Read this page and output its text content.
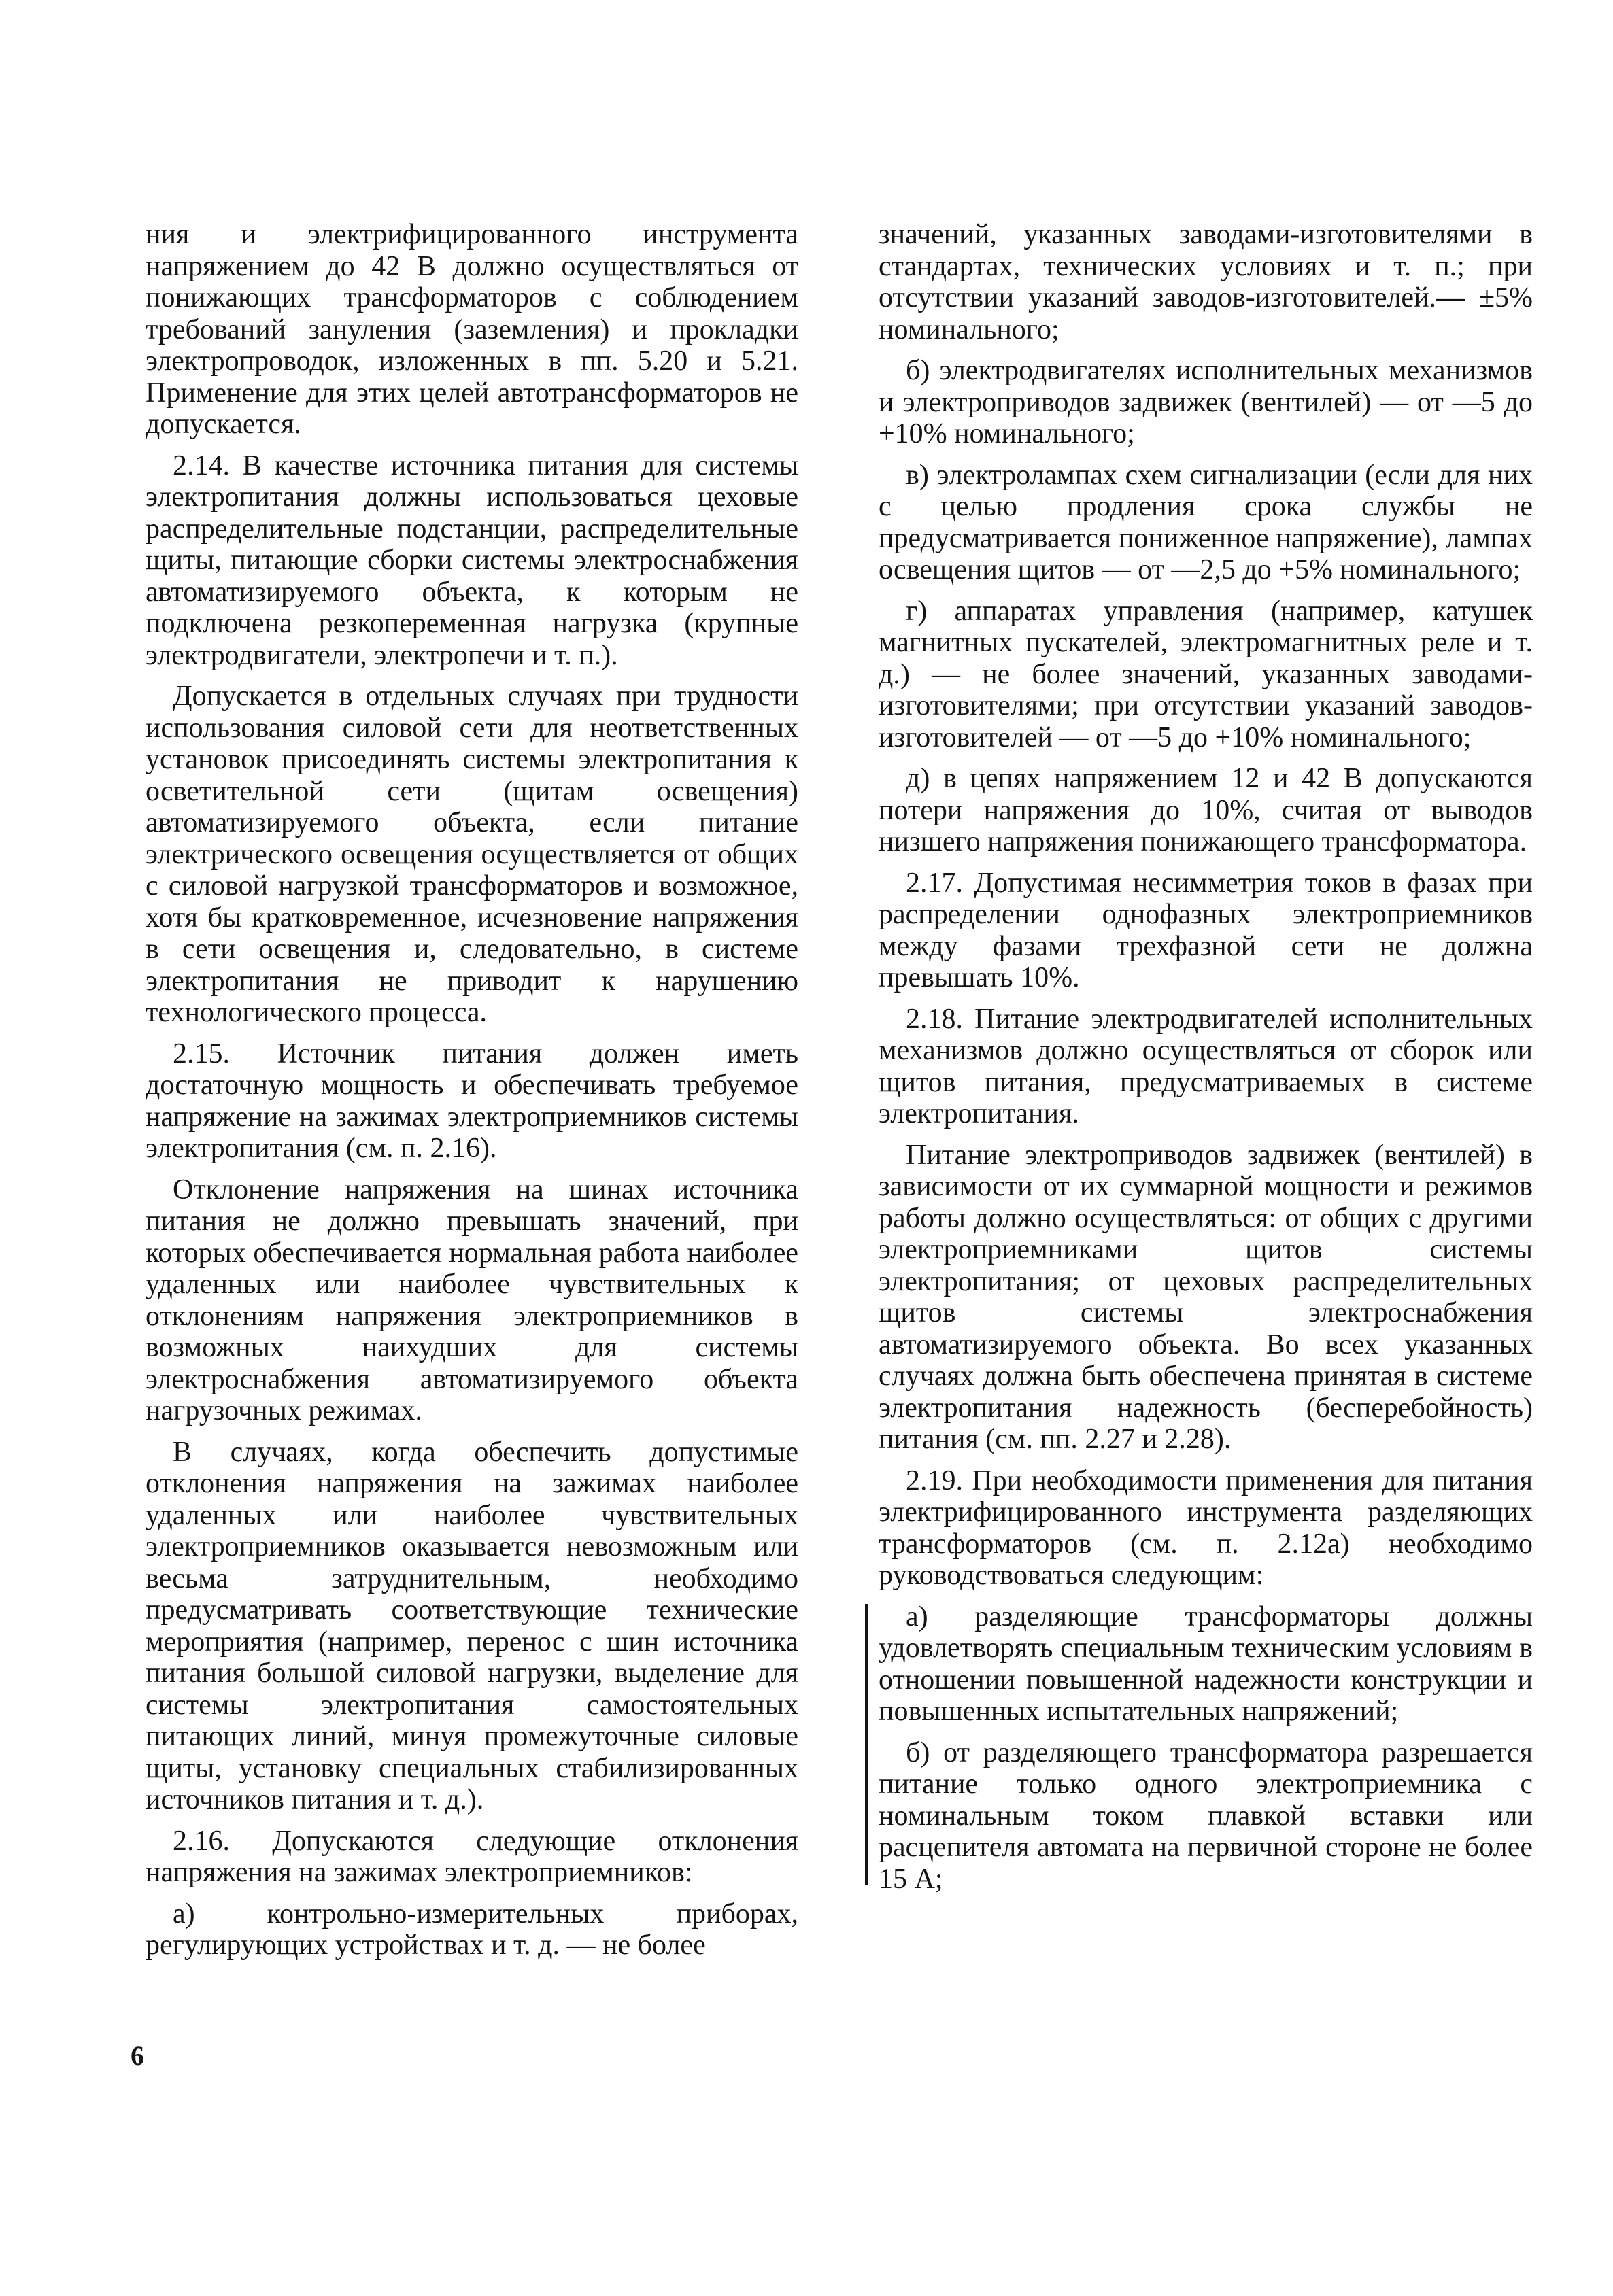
ния и электрифицированного инструмента напряжением до 42 В должно осуществляться от понижающих трансформаторов с соблюдением требований зануления (заземления) и прокладки электропроводок, изложенных в пп. 5.20 и 5.21. Применение для этих целей автотрансформаторов не допускается.

2.14. В качестве источника питания для системы электропитания должны использоваться цеховые распределительные подстанции, распределительные щиты, питающие сборки системы электроснабжения автоматизируемого объекта, к которым не подключена резкопеременная нагрузка (крупные электродвигатели, электропечи и т. п.).

Допускается в отдельных случаях при трудности использования силовой сети для неответственных установок присоединять системы электропитания к осветительной сети (щитам освещения) автоматизируемого объекта, если питание электрического освещения осуществляется от общих с силовой нагрузкой трансформаторов и возможное, хотя бы кратковременное, исчезновение напряжения в сети освещения и, следовательно, в системе электропитания не приводит к нарушению технологического процесса.

2.15. Источник питания должен иметь достаточную мощность и обеспечивать требуемое напряжение на зажимах электроприемников системы электропитания (см. п. 2.16).

Отклонение напряжения на шинах источника питания не должно превышать значений, при которых обеспечивается нормальная работа наиболее удаленных или наиболее чувствительных к отклонениям напряжения электроприемников в возможных наихудших для системы электроснабжения автоматизируемого объекта нагрузочных режимах.

В случаях, когда обеспечить допустимые отклонения напряжения на зажимах наиболее удаленных или наиболее чувствительных электроприемников оказывается невозможным или весьма затруднительным, необходимо предусматривать соответствующие технические мероприятия (например, перенос с шин источника питания большой силовой нагрузки, выделение для системы электропитания самостоятельных питающих линий, минуя промежуточные силовые щиты, установку специальных стабилизированных источников питания и т. д.).

2.16. Допускаются следующие отклонения напряжения на зажимах электроприемников:

а) контрольно-измерительных приборах, регулирующих устройствах и т. д. — не более

значений, указанных заводами-изготовителями в стандартах, технических условиях и т. п.; при отсутствии указаний заводов-изготовителей.— ±5% номинального;

б) электродвигателях исполнительных механизмов и электроприводов задвижек (вентилей) — от —5 до +10% номинального;

в) электролампах схем сигнализации (если для них с целью продления срока службы не предусматривается пониженное напряжение), лампах освещения щитов — от —2,5 до +5% номинального;

г) аппаратах управления (например, катушек магнитных пускателей, электромагнитных реле и т. д.) — не более значений, указанных заводами-изготовителями; при отсутствии указаний заводов-изготовителей — от —5 до +10% номинального;

д) в цепях напряжением 12 и 42 В допускаются потери напряжения до 10%, считая от выводов низшего напряжения понижающего трансформатора.

2.17. Допустимая несимметрия токов в фазах при распределении однофазных электроприемников между фазами трехфазной сети не должна превышать 10%.

2.18. Питание электродвигателей исполнительных механизмов должно осуществляться от сборок или щитов питания, предусматриваемых в системе электропитания.

Питание электроприводов задвижек (вентилей) в зависимости от их суммарной мощности и режимов работы должно осуществляться: от общих с другими электроприемниками щитов системы электропитания; от цеховых распределительных щитов системы электроснабжения автоматизируемого объекта. Во всех указанных случаях должна быть обеспечена принятая в системе электропитания надежность (бесперебойность) питания (см. пп. 2.27 и 2.28).

2.19. При необходимости применения для питания электрифицированного инструмента разделяющих трансформаторов (см. п. 2.12а) необходимо руководствоваться следующим:

а) разделяющие трансформаторы должны удовлетворять специальным техническим условиям в отношении повышенной надежности конструкции и повышенных испытательных напряжений;

б) от разделяющего трансформатора разрешается питание только одного электроприемника с номинальным током плавкой вставки или расцепителя автомата на первичной стороне не более 15 А;

6
